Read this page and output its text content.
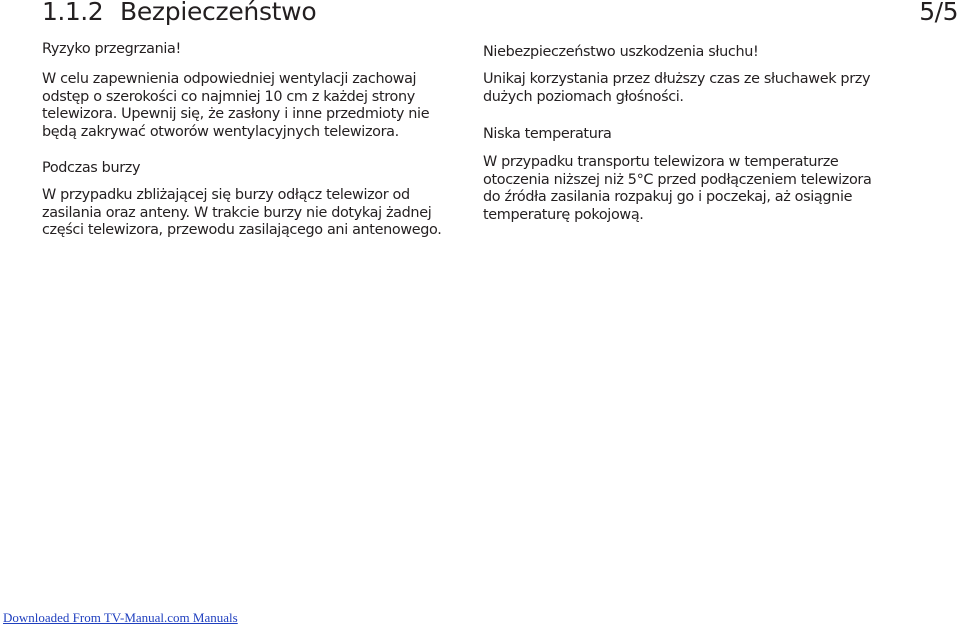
1.1.2 Bezpieczeństwo	5/5
Ryzyko przegrzania!
W celu zapewnienia odpowiedniej wentylacji zachowaj
odstęp o szerokości co najmniej 10 cm z każdej strony
telewizora. Upewnij się, że zasłony i inne przedmioty nie
będą zakrywać otworów wentylacyjnych telewizora.
Podczas burzy
W przypadku zbliżającej się burzy odłącz telewizor od
zasilania oraz anteny. W trakcie burzy nie dotykaj żadnej
części telewizora, przewodu zasilającego ani antenowego.
Niebezpieczeństwo uszkodzenia słuchu!
Unikaj korzystania przez dłuższy czas ze słuchawek przy
dużych poziomach głośności.
Niska temperatura
W przypadku transportu telewizora w temperaturze
otoczenia niższej niż 5°C przed podłączeniem telewizora
do źródła zasilania rozpakuj go i poczekaj, aż osiągnie
temperaturę pokojową.
Downloaded From TV-Manual.com Manuals
